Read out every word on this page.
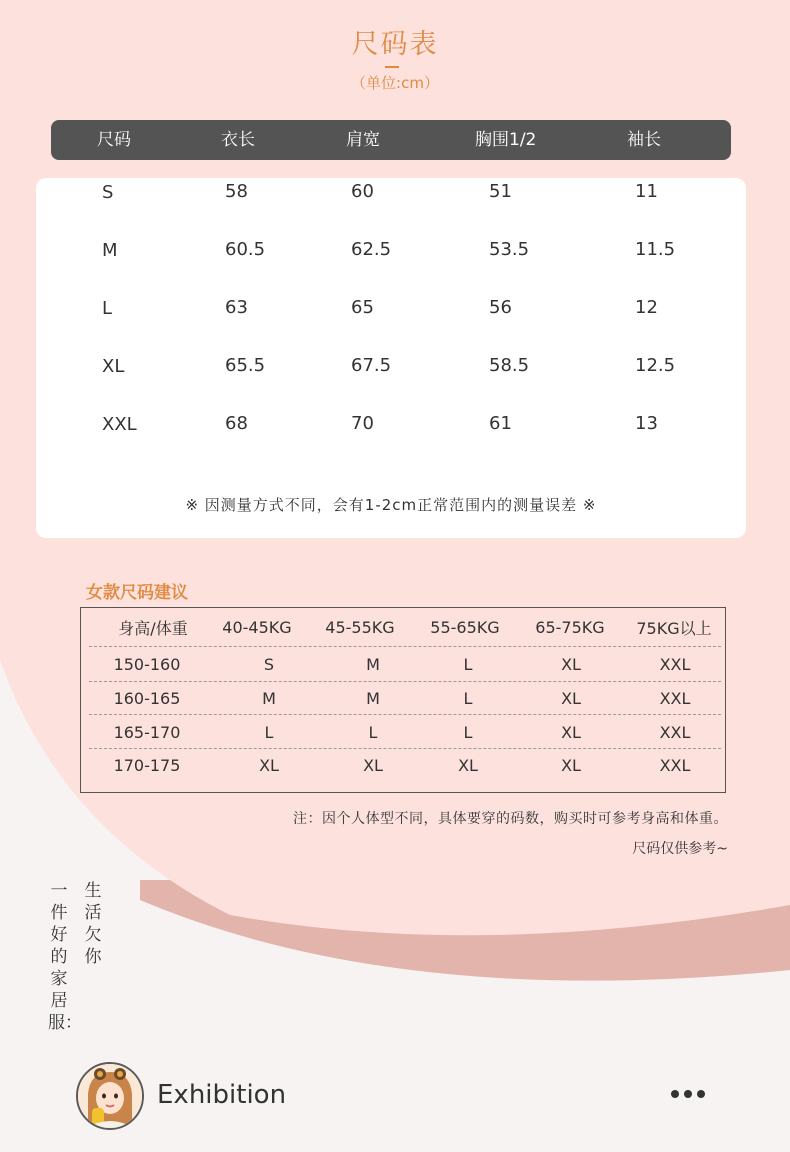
尺码表
（单位:cm）
尺码	衣长	肩宽	胸围1/2	袖长
S	58	60	51	11
M	60.5	62.5	53.5	11.5
L	63	65	56	12
XL	65.5	67.5	58.5	12.5
XXL	68	70	61	13
※ 因测量方式不同，会有1-2cm正常范围内的测量误差 ※
女款尺码建议
身高/体重	40-45KG	45-55KG	55-65KG	65-75KG	75KG以上
150-160	S	M	L	XL	XXL
160-165	M	M	L	XL	XXL
165-170	L	L	L	XL	XXL
170-175	XL	XL	XL	XL	XXL
注：因个人体型不同，具体要穿的码数，购买时可参考身高和体重。
尺码仅供参考~
生活欠你
一件好的家居服：
Exhibition
